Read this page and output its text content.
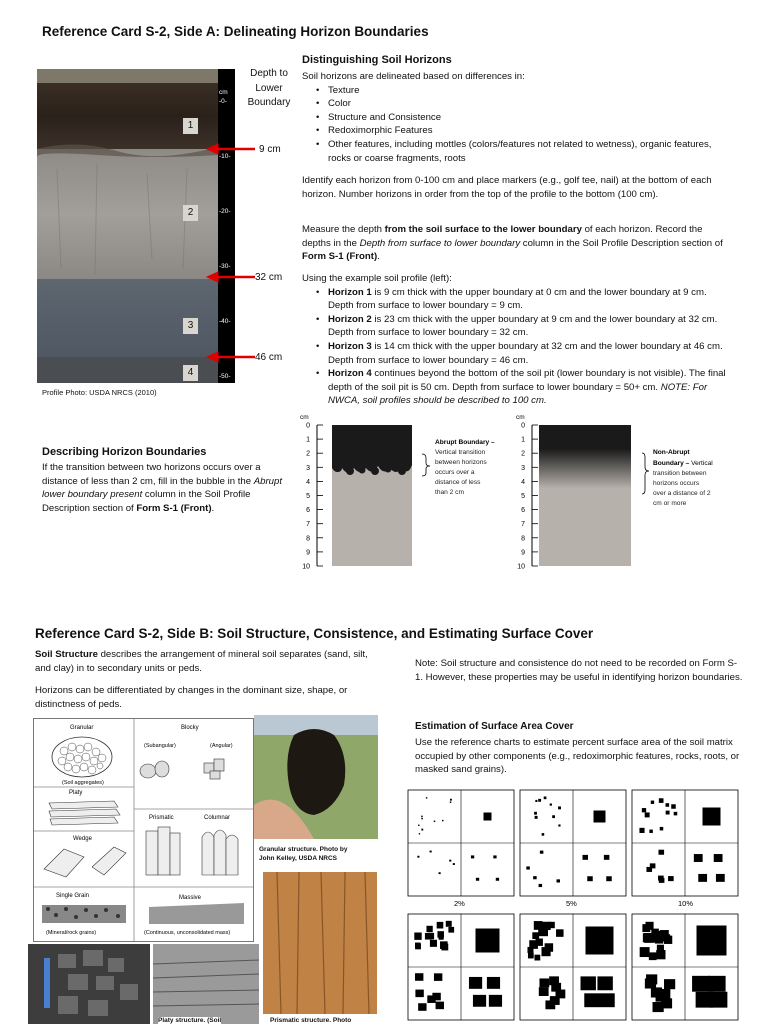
Reference Card S-2, Side A: Delineating Horizon Boundaries
cm
-0-
-10-
-20-
-30-
-40-
-50-
1
2
3
4
Depth to
Lower
Boundary
9 cm
32 cm
46 cm
Profile Photo: USDA NRCS (2010)
Distinguishing Soil Horizons
Soil horizons are delineated based on differences in:
• Texture
• Color
• Structure and Consistence
• Redoximorphic Features
• Other features, including mottles (colors/features not related to wetness), organic features, rocks or coarse fragments, roots
Identify each horizon from 0-100 cm and place markers (e.g., golf tee, nail) at the bottom of each horizon. Number horizons in order from the top of the profile to the bottom (100 cm).
Measure the depth from the soil surface to the lower boundary of each horizon. Record the depths in the Depth from surface to lower boundary column in the Soil Profile Description section of Form S-1 (Front).
Using the example soil profile (left):
• Horizon 1 is 9 cm thick with the upper boundary at 0 cm and the lower boundary at 9 cm. Depth from surface to lower boundary = 9 cm.
• Horizon 2 is 23 cm thick with the upper boundary at 9 cm and the lower boundary at 32 cm. Depth from surface to lower boundary = 32 cm.
• Horizon 3 is 14 cm thick with the upper boundary at 32 cm and the lower boundary at 46 cm. Depth from surface to lower boundary = 46 cm.
• Horizon 4 continues beyond the bottom of the soil pit (lower boundary is not visible). The final depth of the soil pit is 50 cm. Depth from surface to lower boundary = 50+ cm. NOTE: For NWCA, soil profiles should be described to 100 cm.
Describing Horizon Boundaries
If the transition between two horizons occurs over a distance of less than 2 cm, fill in the bubble in the Abrupt lower boundary present column in the Soil Profile Description section of Form S-1 (Front).
cm
0
1
2
3
4
5
6
7
8
9
10
Abrupt Boundary –
Vertical transition
between horizons
occurs over a
distance of less
than 2 cm
cm
0
1
2
3
4
5
6
7
8
9
10
Non-Abrupt
Boundary – Vertical
transition between
horizons occurs
over a distance of 2
cm or more
Reference Card S-2, Side B: Soil Structure, Consistence, and Estimating Surface Cover
Soil Structure describes the arrangement of mineral soil separates (sand, silt, and clay) in to secondary units or peds.
Horizons can be differentiated by changes in the dominant size, shape, or distinctness of peds.
Note: Soil structure and consistence do not need to be recorded on Form S-1. However, these properties may be useful in identifying horizon boundaries.
Estimation of Surface Area Cover
Use the reference charts to estimate percent surface area of the soil matrix occupied by other components (e.g., redoximorphic features, rocks, roots, or masked sand grains).
Granular
(Soil aggregates)
Blocky
(Subangular)	(Angular)
Platy
Wedge
Prismatic	Columnar
Single Grain
(Mineral/rock grains)
Massive
(Continuous, unconsolidated mass)
Granular structure. Photo by
John Kelley, USDA NRCS
Prismatic structure. Photo
Platy structure. (Soil
2%	5%	10%
